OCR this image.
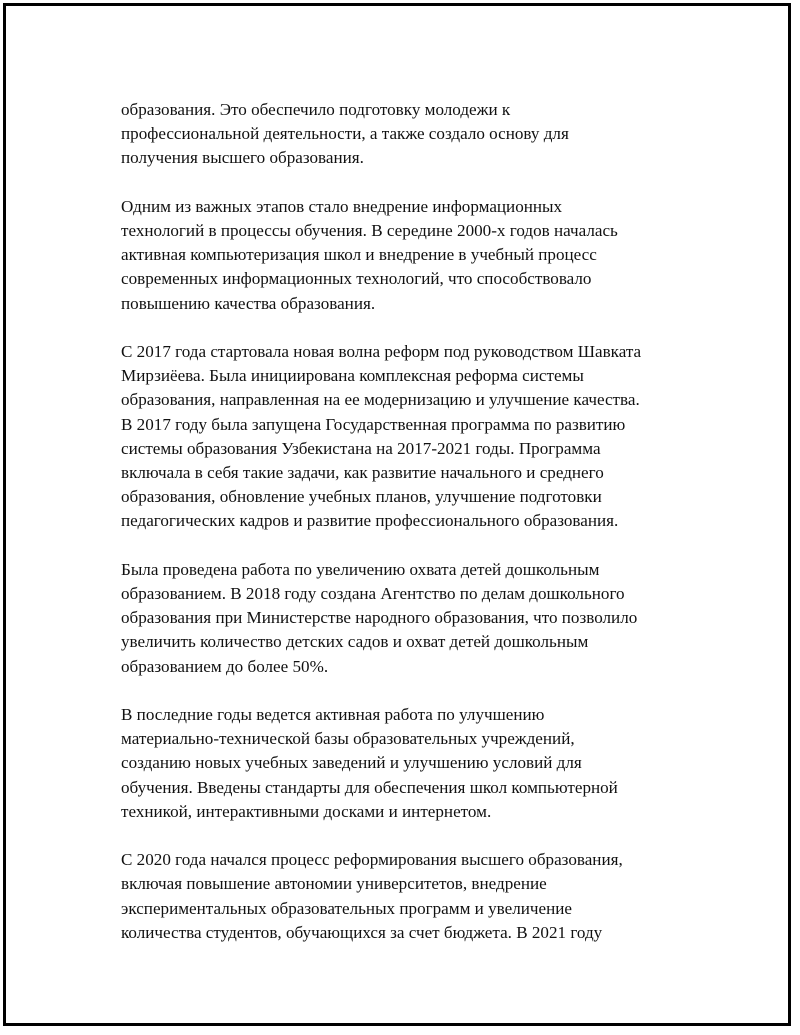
образования. Это обеспечило подготовку молодежи к
профессиональной деятельности, а также создало основу для
получения высшего образования.

Одним из важных этапов стало внедрение информационных
технологий в процессы обучения. В середине 2000-х годов началась
активная компьютеризация школ и внедрение в учебный процесс
современных информационных технологий, что способствовало
повышению качества образования.

С 2017 года стартовала новая волна реформ под руководством Шавката
Мирзиёева. Была инициирована комплексная реформа системы
образования, направленная на ее модернизацию и улучшение качества.
В 2017 году была запущена Государственная программа по развитию
системы образования Узбекистана на 2017-2021 годы. Программа
включала в себя такие задачи, как развитие начального и среднего
образования, обновление учебных планов, улучшение подготовки
педагогических кадров и развитие профессионального образования.

Была проведена работа по увеличению охвата детей дошкольным
образованием. В 2018 году создана Агентство по делам дошкольного
образования при Министерстве народного образования, что позволило
увеличить количество детских садов и охват детей дошкольным
образованием до более 50%.

В последние годы ведется активная работа по улучшению
материально-технической базы образовательных учреждений,
созданию новых учебных заведений и улучшению условий для
обучения. Введены стандарты для обеспечения школ компьютерной
техникой, интерактивными досками и интернетом.

С 2020 года начался процесс реформирования высшего образования,
включая повышение автономии университетов, внедрение
экспериментальных образовательных программ и увеличение
количества студентов, обучающихся за счет бюджета. В 2021 году
